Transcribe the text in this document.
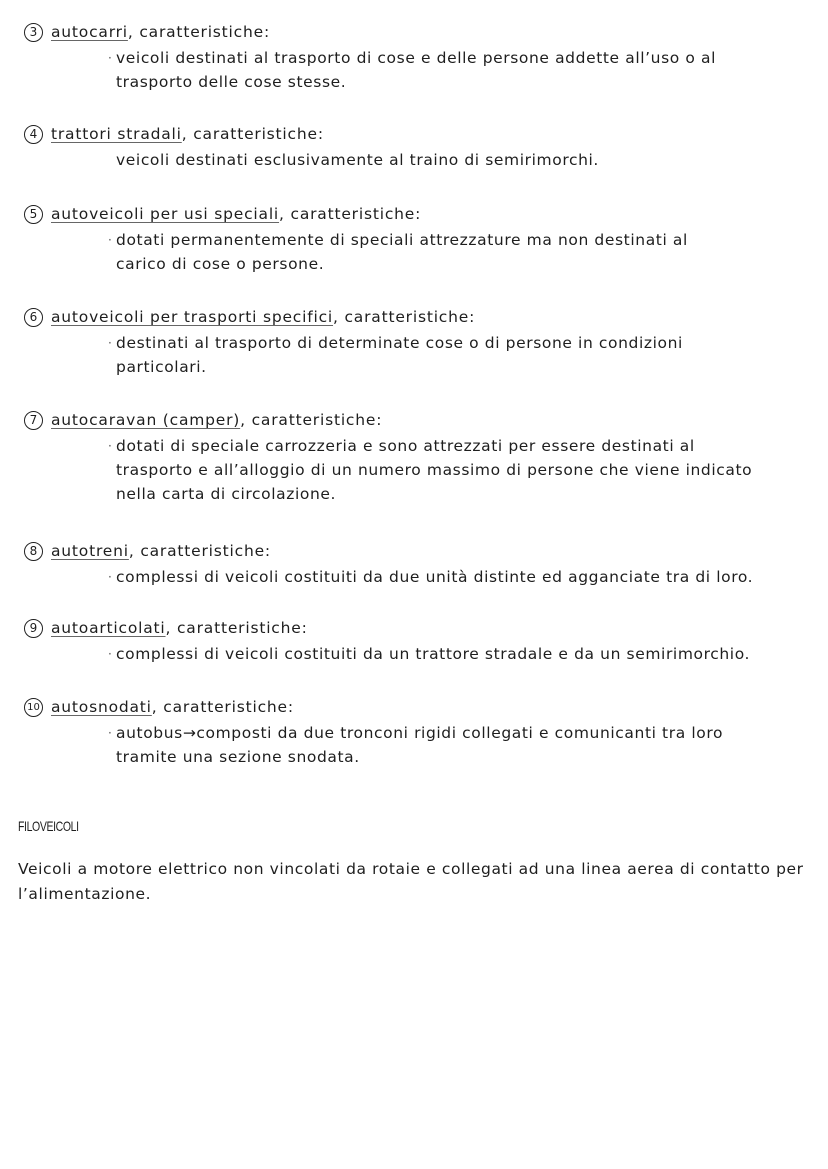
3 autocarri , caratteristiche:
· veicoli destinati al trasporto di cose e delle persone addette all’uso o al
trasporto delle cose stesse.
4 trattori stradali , caratteristiche:
veicoli destinati esclusivamente al traino di semirimorchi.
5 autoveicoli per usi speciali , caratteristiche:
· dotati permanentemente di speciali attrezzature ma non destinati al
carico di cose o persone.
6 autoveicoli per trasporti specifici , caratteristiche:
· destinati al trasporto di determinate cose o di persone in condizioni
particolari.
7 autocaravan (camper) , caratteristiche:
· dotati di speciale carrozzeria e sono attrezzati per essere destinati al
trasporto e all’alloggio di un numero massimo di persone che viene indicato
nella carta di circolazione.
8 autotreni , caratteristiche:
· complessi di veicoli costituiti da due unità distinte ed agganciate tra di loro.
9 autoarticolati , caratteristiche:
· complessi di veicoli costituiti da un trattore stradale e da un semirimorchio.
10 autosnodati , caratteristiche:
· autobus→composti da due tronconi rigidi collegati e comunicanti tra loro
tramite una sezione snodata.
FILOVEICOLI
Veicoli a motore elettrico non vincolati da rotaie e collegati ad una linea aerea di contatto per l’alimentazione.
